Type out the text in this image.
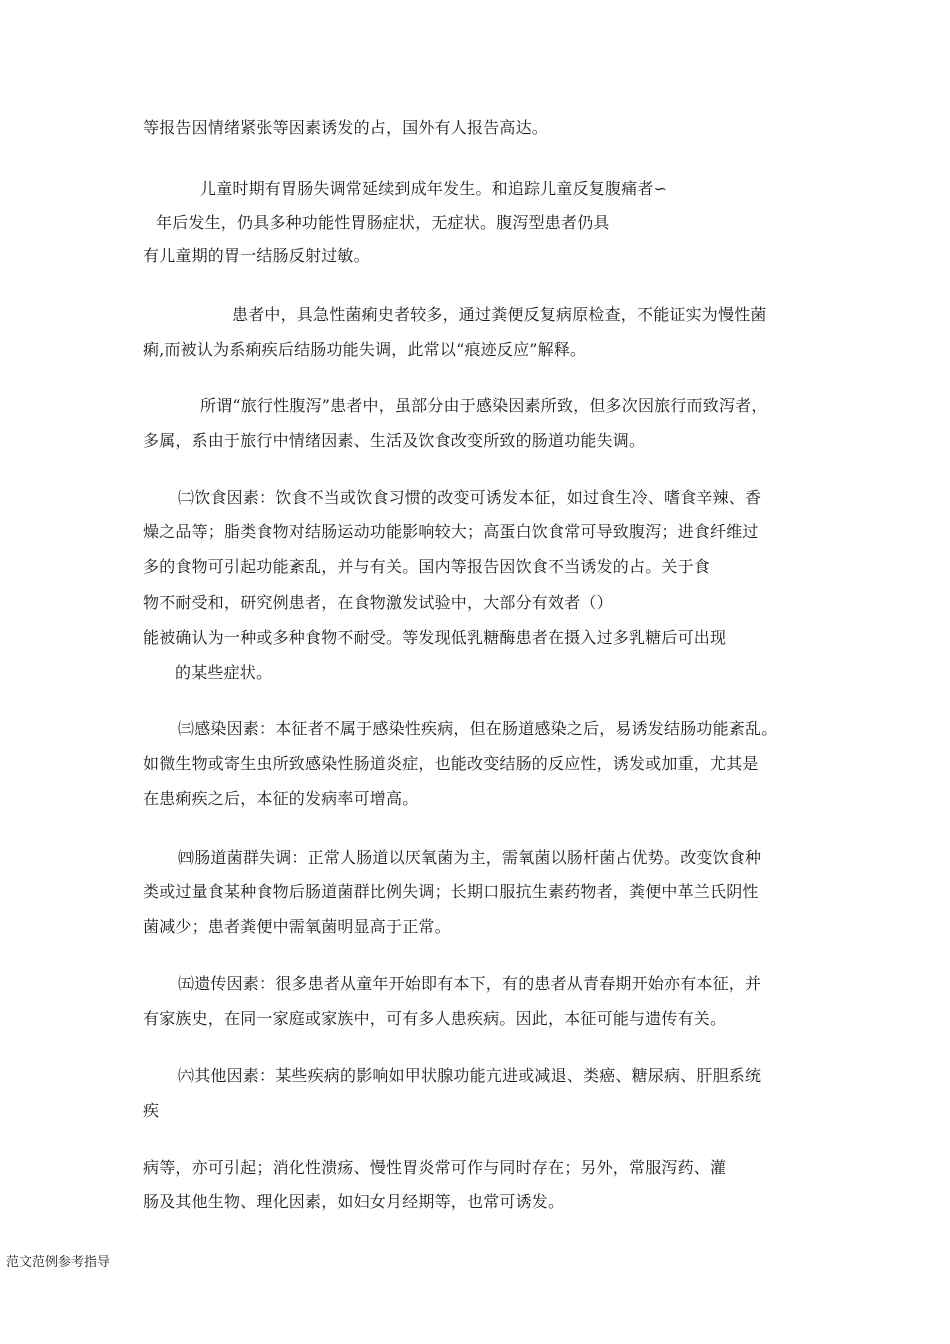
等报告因情绪紧张等因素诱发的占，国外有人报告高达。
儿童时期有胃肠失调常延续到成年发生。和追踪儿童反复腹痛者∽
年后发生，仍具多种功能性胃肠症状，无症状。腹泻型患者仍具
有儿童期的胃一结肠反射过敏。
患者中，具急性菌痢史者较多，通过粪便反复病原检查，不能证实为慢性菌
痢,而被认为系痢疾后结肠功能失调，此常以“痕迹反应”解释。
所谓“旅行性腹泻”患者中，虽部分由于感染因素所致，但多次因旅行而致泻者，
多属，系由于旅行中情绪因素、生活及饮食改变所致的肠道功能失调。
㈡饮食因素：饮食不当或饮食习惯的改变可诱发本征，如过食生冷、嗜食辛辣、香
燥之品等；脂类食物对结肠运动功能影响较大；高蛋白饮食常可导致腹泻；进食纤维过
多的食物可引起功能紊乱，并与有关。国内等报告因饮食不当诱发的占。关于食
物不耐受和，研究例患者，在食物激发试验中，大部分有效者（）
能被确认为一种或多种食物不耐受。等发现低乳糖酶患者在摄入过多乳糖后可出现
的某些症状。
㈢感染因素：本征者不属于感染性疾病，但在肠道感染之后，易诱发结肠功能紊乱。
如微生物或寄生虫所致感染性肠道炎症，也能改变结肠的反应性，诱发或加重，尤其是
在患痢疾之后，本征的发病率可增高。
㈣肠道菌群失调：正常人肠道以厌氧菌为主，需氧菌以肠杆菌占优势。改变饮食种
类或过量食某种食物后肠道菌群比例失调；长期口服抗生素药物者，粪便中革兰氏阴性
菌减少；患者粪便中需氧菌明显高于正常。
㈤遗传因素：很多患者从童年开始即有本下，有的患者从青春期开始亦有本征，并
有家族史，在同一家庭或家族中，可有多人患疾病。因此，本征可能与遗传有关。
㈥其他因素：某些疾病的影响如甲状腺功能亢进或减退、类癌、糖尿病、肝胆系统
疾
病等，亦可引起；消化性溃疡、慢性胃炎常可作与同时存在；另外，常服泻药、灌
肠及其他生物、理化因素，如妇女月经期等，也常可诱发。
范文范例参考指导
